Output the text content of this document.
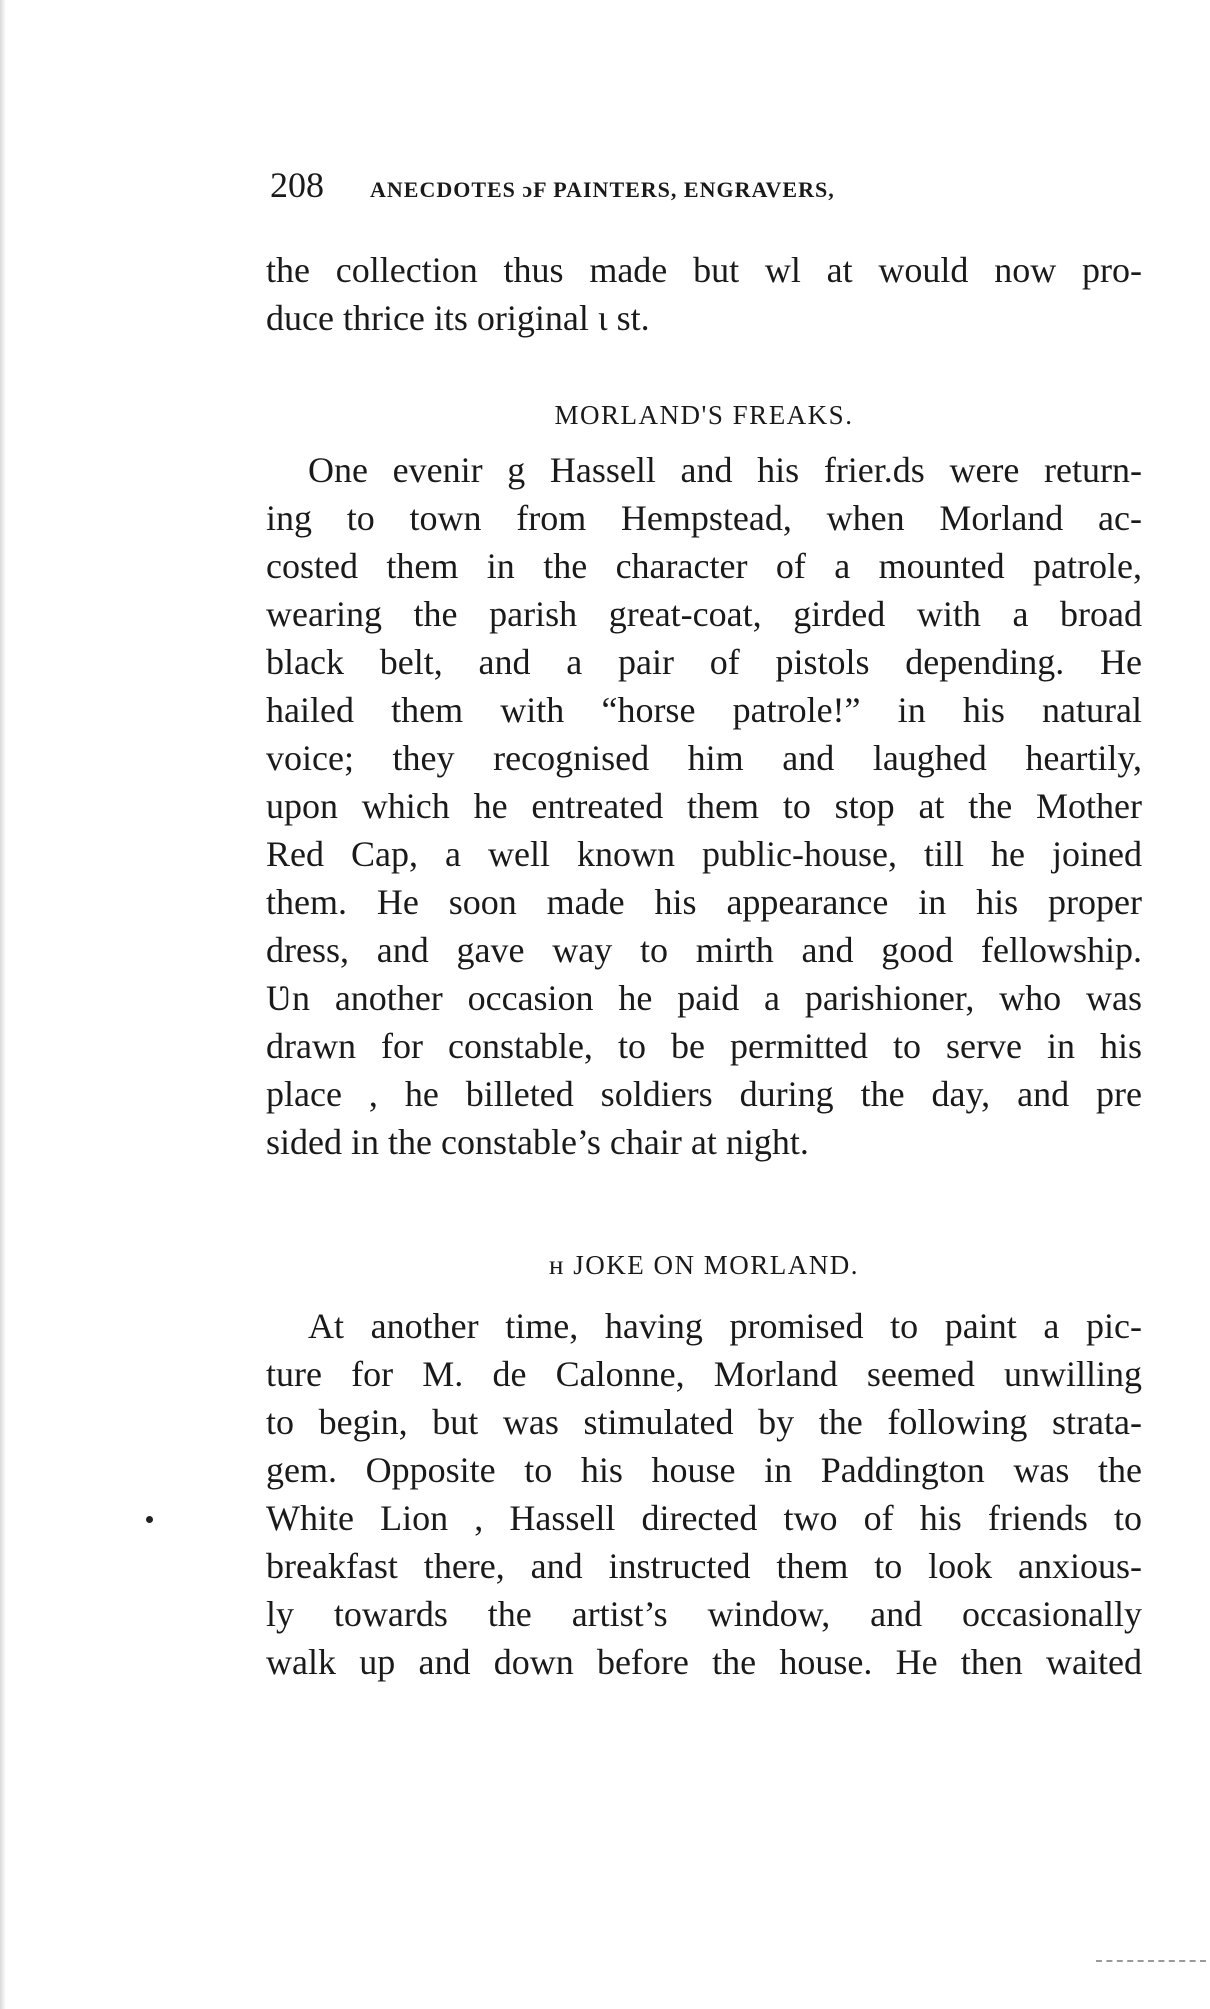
208 ANECDOTES ɔF PAINTERS, ENGRAVERS,
the collection thus made but wl at would now pro-
duce thrice its original ɩ st.
MORLAND'S FREAKS.
One evenir g Hassell and his frier.ds were return-
ing to town from Hempstead, when Morland ac-
costed them in the character of a mounted patrole,
wearing the parish great-coat, girded with a broad
black belt, and a pair of pistols depending. He
hailed them with “horse patrole!” in his natural
voice; they recognised him and laughed heartily,
upon which he entreated them to stop at the Mother
Red Cap, a well known public-house, till he joined
them. He soon made his appearance in his proper
dress, and gave way to mirth and good fellowship.
Ʋn another occasion he paid a parishioner, who was
drawn for constable, to be permitted to serve in his
place , he billeted soldiers during the day, and pre
sided in the constable’s chair at night.
ʜ JOKE ON MORLAND.
At another time, having promised to paint a pic-
ture for M. de Calonne, Morland seemed unwilling
to begin, but was stimulated by the following strata-
gem. Opposite to his house in Paddington was the
White Lion , Hassell directed two of his friends to
breakfast there, and instructed them to look anxious-
ly towards the artist’s window, and occasionally
walk up and down before the house. He then waited
